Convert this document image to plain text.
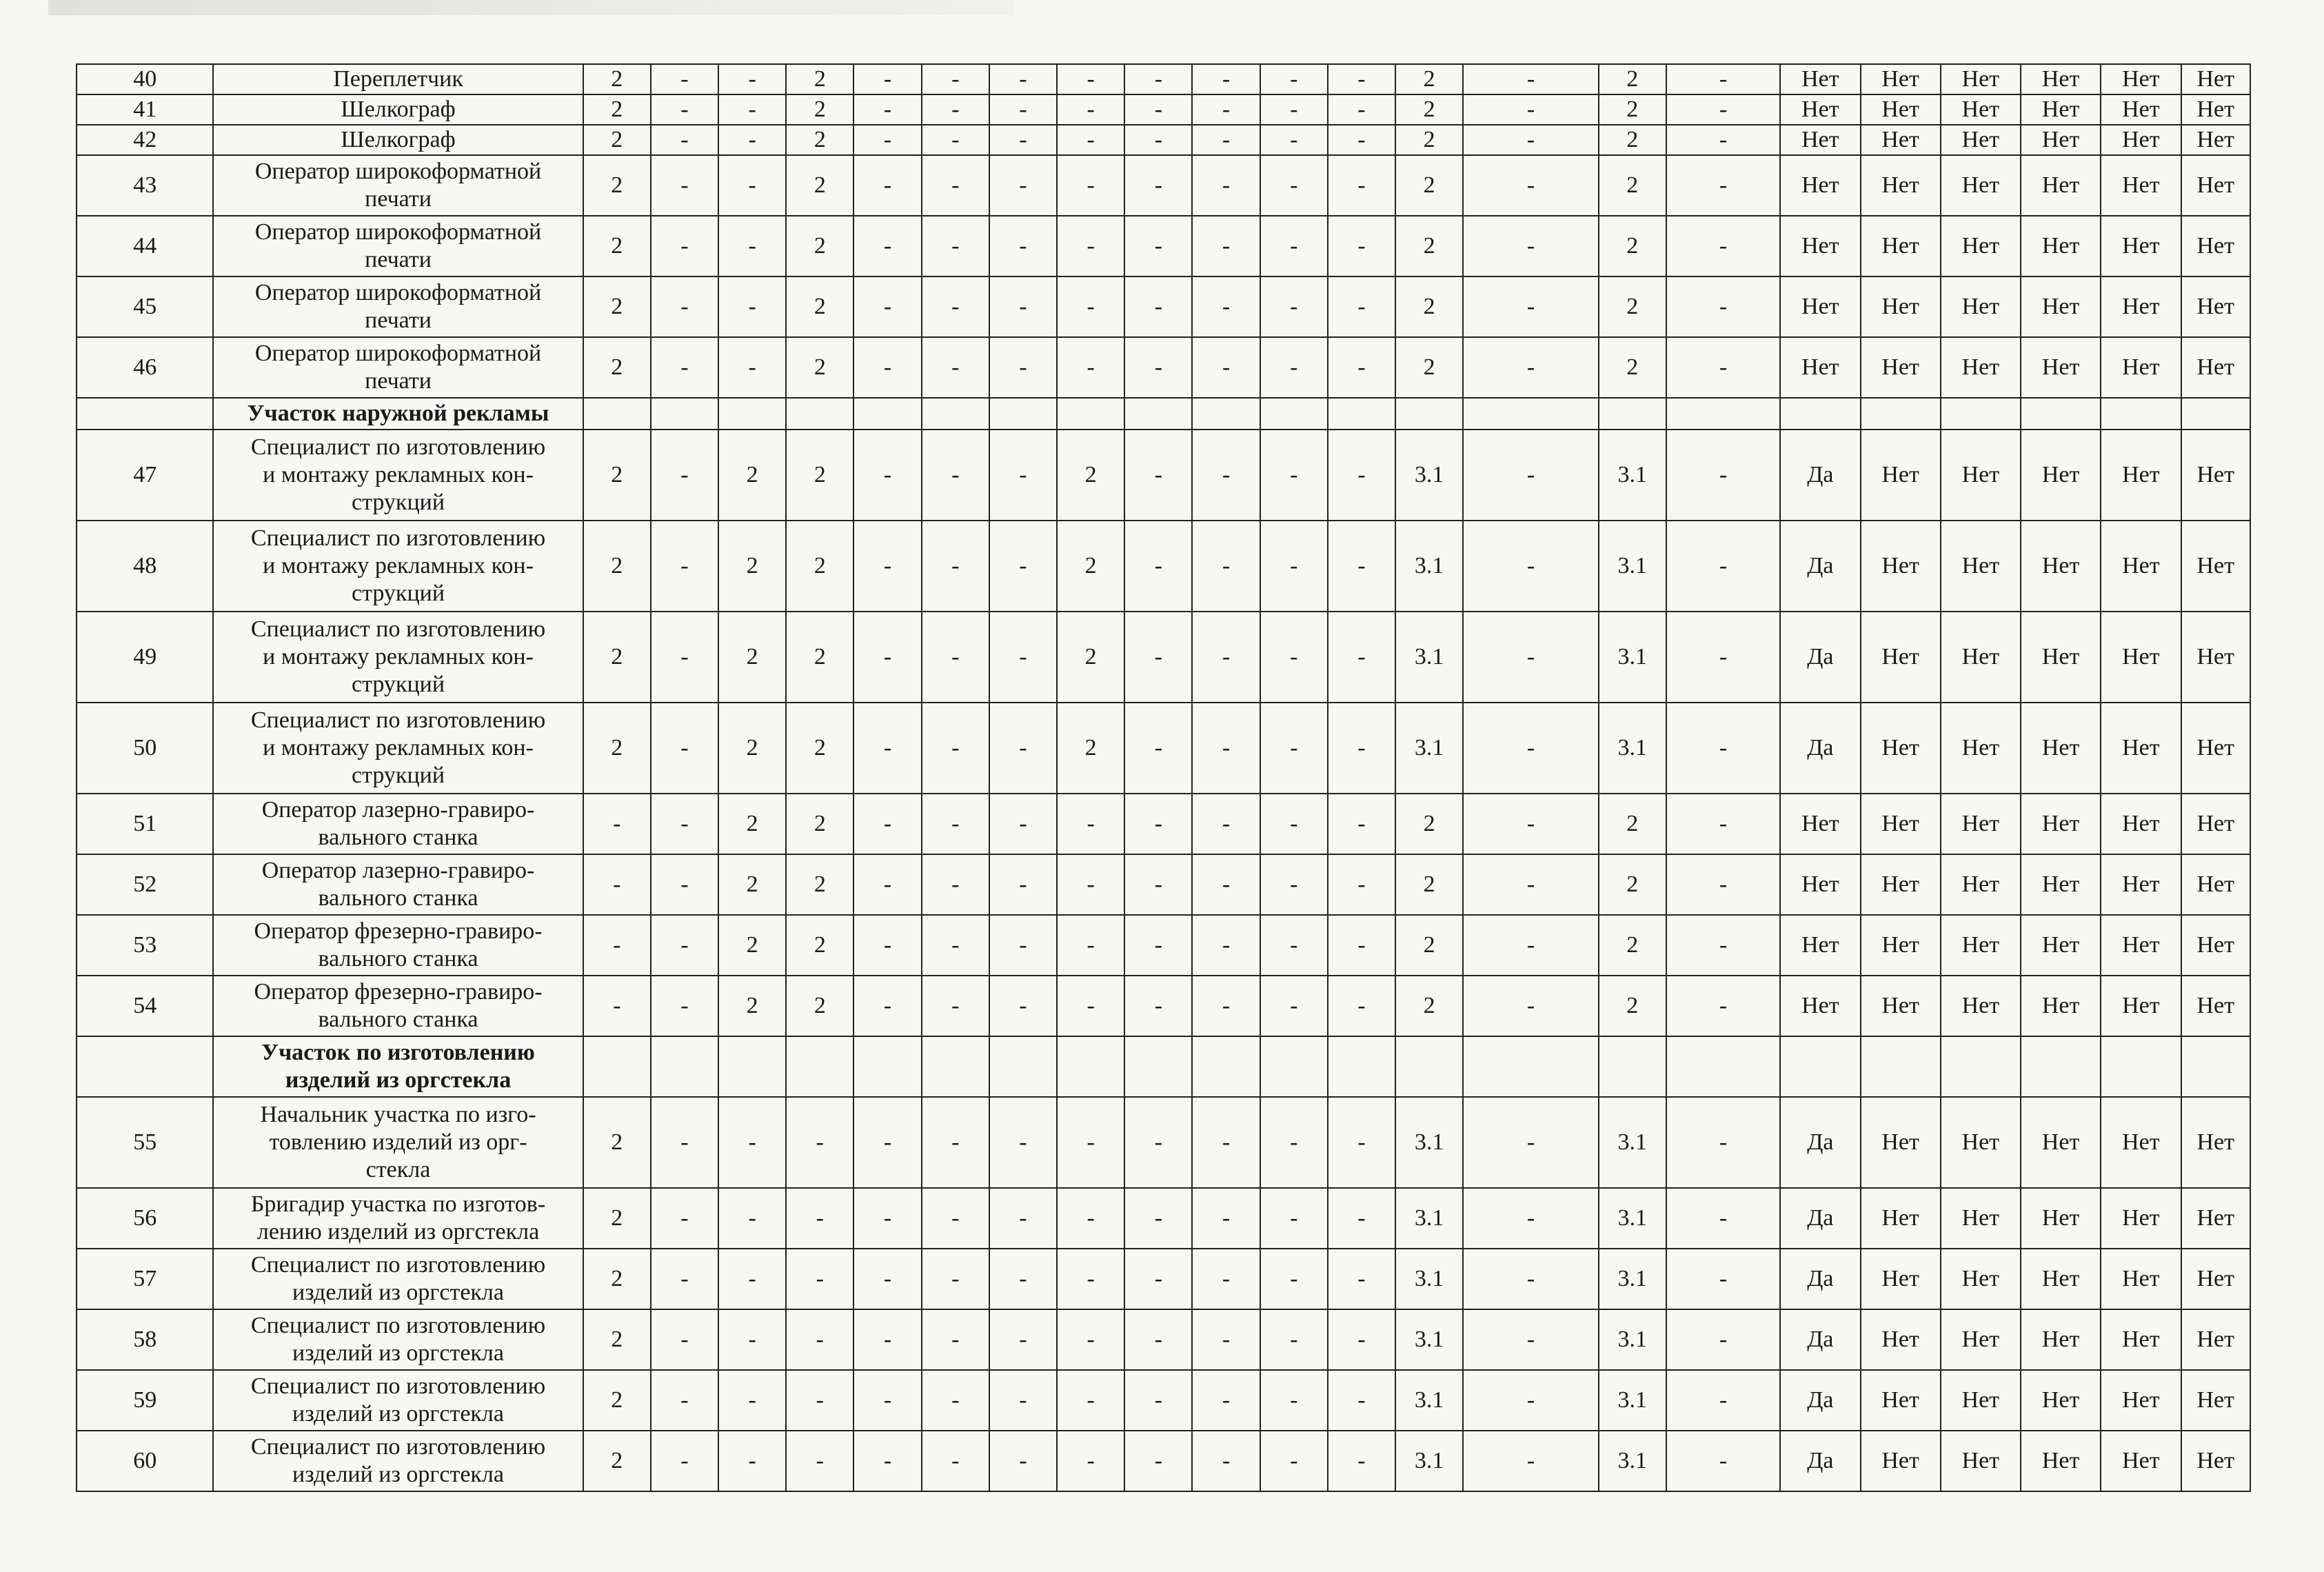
40	Переплетчик	2	-	-	2	-	-	-	-	-	-	-	-	2	-	2	-	Нет	Нет	Нет	Нет	Нет	Нет
41	Шелкограф	2	-	-	2	-	-	-	-	-	-	-	-	2	-	2	-	Нет	Нет	Нет	Нет	Нет	Нет
42	Шелкограф	2	-	-	2	-	-	-	-	-	-	-	-	2	-	2	-	Нет	Нет	Нет	Нет	Нет	Нет
43	Оператор широкоформатной
печати	2	-	-	2	-	-	-	-	-	-	-	-	2	-	2	-	Нет	Нет	Нет	Нет	Нет	Нет
44	Оператор широкоформатной
печати	2	-	-	2	-	-	-	-	-	-	-	-	2	-	2	-	Нет	Нет	Нет	Нет	Нет	Нет
45	Оператор широкоформатной
печати	2	-	-	2	-	-	-	-	-	-	-	-	2	-	2	-	Нет	Нет	Нет	Нет	Нет	Нет
46	Оператор широкоформатной
печати	2	-	-	2	-	-	-	-	-	-	-	-	2	-	2	-	Нет	Нет	Нет	Нет	Нет	Нет
	Участок наружной рекламы																						
47	Специалист по изготовлению
и монтажу рекламных кон-
струкций	2	-	2	2	-	-	-	2	-	-	-	-	3.1	-	3.1	-	Да	Нет	Нет	Нет	Нет	Нет
48	Специалист по изготовлению
и монтажу рекламных кон-
струкций	2	-	2	2	-	-	-	2	-	-	-	-	3.1	-	3.1	-	Да	Нет	Нет	Нет	Нет	Нет
49	Специалист по изготовлению
и монтажу рекламных кон-
струкций	2	-	2	2	-	-	-	2	-	-	-	-	3.1	-	3.1	-	Да	Нет	Нет	Нет	Нет	Нет
50	Специалист по изготовлению
и монтажу рекламных кон-
струкций	2	-	2	2	-	-	-	2	-	-	-	-	3.1	-	3.1	-	Да	Нет	Нет	Нет	Нет	Нет
51	Оператор лазерно-гравиро-
вального станка	-	-	2	2	-	-	-	-	-	-	-	-	2	-	2	-	Нет	Нет	Нет	Нет	Нет	Нет
52	Оператор лазерно-гравиро-
вального станка	-	-	2	2	-	-	-	-	-	-	-	-	2	-	2	-	Нет	Нет	Нет	Нет	Нет	Нет
53	Оператор фрезерно-гравиро-
вального станка	-	-	2	2	-	-	-	-	-	-	-	-	2	-	2	-	Нет	Нет	Нет	Нет	Нет	Нет
54	Оператор фрезерно-гравиро-
вального станка	-	-	2	2	-	-	-	-	-	-	-	-	2	-	2	-	Нет	Нет	Нет	Нет	Нет	Нет
	Участок по изготовлению
изделий из оргстекла																						
55	Начальник участка по изго-
товлению изделий из орг-
стекла	2	-	-	-	-	-	-	-	-	-	-	-	3.1	-	3.1	-	Да	Нет	Нет	Нет	Нет	Нет
56	Бригадир участка по изготов-
лению изделий из оргстекла	2	-	-	-	-	-	-	-	-	-	-	-	3.1	-	3.1	-	Да	Нет	Нет	Нет	Нет	Нет
57	Специалист по изготовлению
изделий из оргстекла	2	-	-	-	-	-	-	-	-	-	-	-	3.1	-	3.1	-	Да	Нет	Нет	Нет	Нет	Нет
58	Специалист по изготовлению
изделий из оргстекла	2	-	-	-	-	-	-	-	-	-	-	-	3.1	-	3.1	-	Да	Нет	Нет	Нет	Нет	Нет
59	Специалист по изготовлению
изделий из оргстекла	2	-	-	-	-	-	-	-	-	-	-	-	3.1	-	3.1	-	Да	Нет	Нет	Нет	Нет	Нет
60	Специалист по изготовлению
изделий из оргстекла	2	-	-	-	-	-	-	-	-	-	-	-	3.1	-	3.1	-	Да	Нет	Нет	Нет	Нет	Нет
